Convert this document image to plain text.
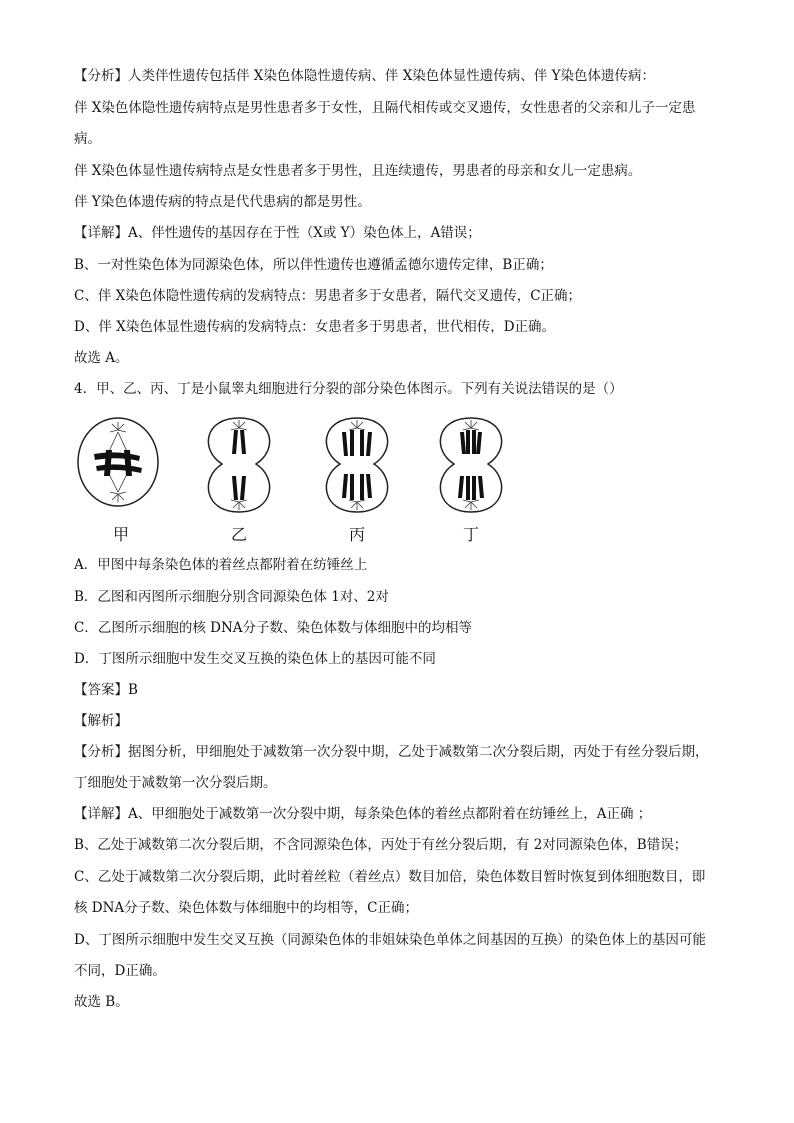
【分析】人类伴性遗传包括伴 X染色体隐性遗传病、伴 X染色体显性遗传病、伴 Y染色体遗传病：
伴 X染色体隐性遗传病特点是男性患者多于女性，且隔代相传或交叉遗传，女性患者的父亲和儿子一定患
病。
伴 X染色体显性遗传病特点是女性患者多于男性，且连续遗传，男患者的母亲和女儿一定患病。
伴 Y染色体遗传病的特点是代代患病的都是男性。
【详解】A、伴性遗传的基因存在于性（X或 Y）染色体上，A错误；
B、一对性染色体为同源染色体，所以伴性遗传也遵循孟德尔遗传定律，B正确；
C、伴 X染色体隐性遗传病的发病特点：男患者多于女患者，隔代交叉遗传，C正确；
D、伴 X染色体显性遗传病的发病特点：女患者多于男患者，世代相传，D正确。
故选 A。
4．甲、乙、丙、丁是小鼠睾丸细胞进行分裂的部分染色体图示。下列有关说法错误的是（）
甲	乙	丙	丁
A．甲图中每条染色体的着丝点都附着在纺锤丝上
B．乙图和丙图所示细胞分别含同源染色体 1对、2对
C．乙图所示细胞的核 DNA分子数、染色体数与体细胞中的均相等
D．丁图所示细胞中发生交叉互换的染色体上的基因可能不同
【答案】B
【解析】
【分析】据图分析，甲细胞处于减数第一次分裂中期，乙处于减数第二次分裂后期，丙处于有丝分裂后期，
丁细胞处于减数第一次分裂后期。
【详解】A、甲细胞处于减数第一次分裂中期，每条染色体的着丝点都附着在纺锤丝上，A正确 ；
B、乙处于减数第二次分裂后期，不含同源染色体，丙处于有丝分裂后期，有 2对同源染色体，B错误；
C、乙处于减数第二次分裂后期，此时着丝粒（着丝点）数目加倍，染色体数目暂时恢复到体细胞数目，即
核 DNA分子数、染色体数与体细胞中的均相等，C正确；
D、丁图所示细胞中发生交叉互换（同源染色体的非姐妹染色单体之间基因的互换）的染色体上的基因可能
不同，D正确。
故选 B。
